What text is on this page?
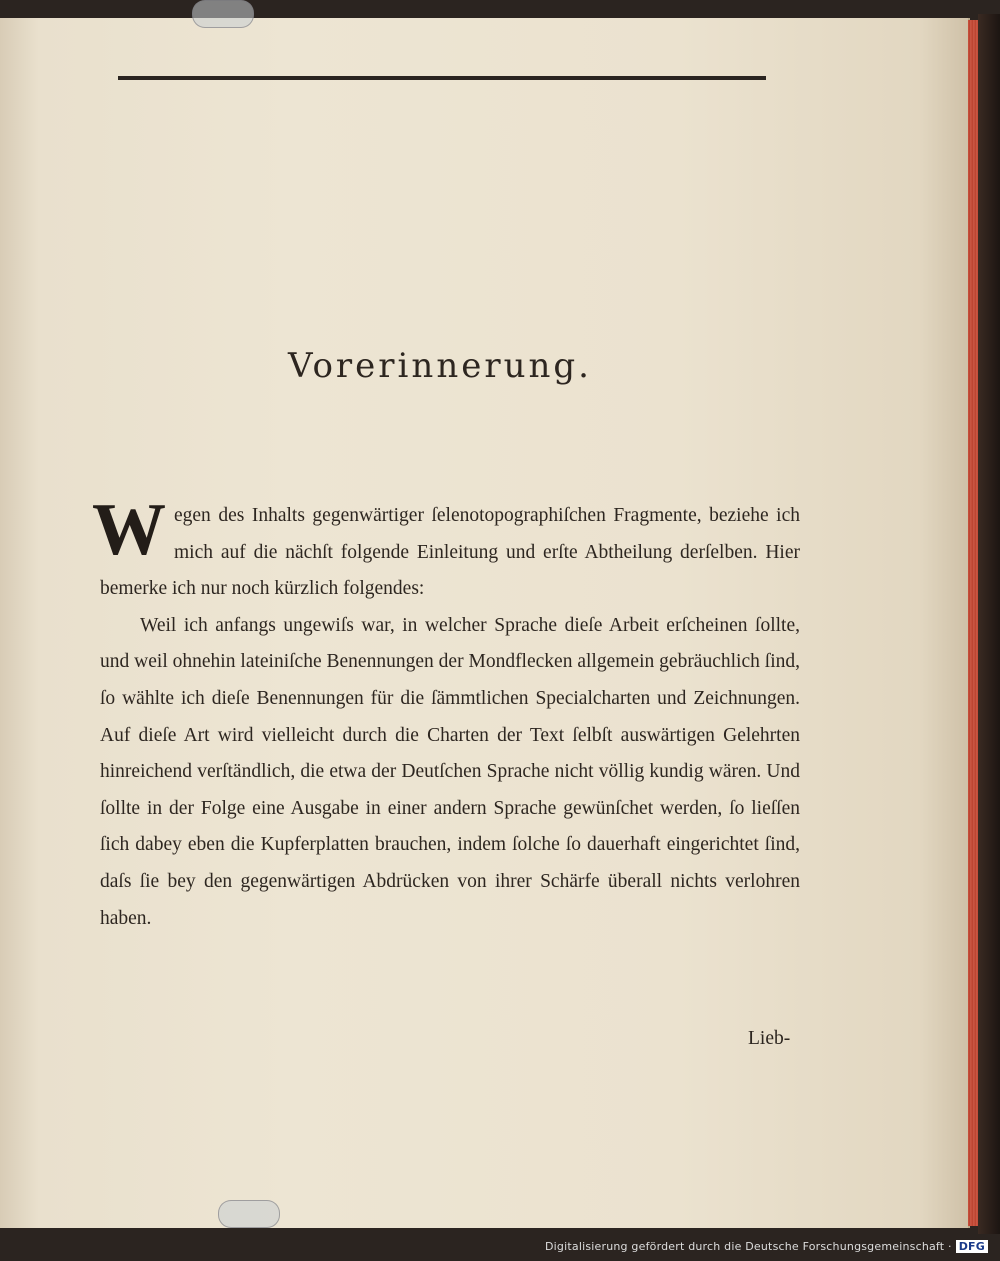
Vorerinnerung.

Wegen des Inhalts gegenwärtiger ſelenotopographiſchen Fragmente, beziehe ich mich auf die nächſt folgende Einleitung und erſte Abtheilung derſelben. Hier bemerke ich nur noch kürzlich folgendes:

Weil ich anfangs ungewiſs war, in welcher Sprache dieſe Arbeit erſcheinen ſollte, und weil ohnehin lateiniſche Benennungen der Mondflecken allgemein gebräuchlich ſind, ſo wählte ich dieſe Benennungen für die ſämmtlichen Specialcharten und Zeichnungen. Auf dieſe Art wird vielleicht durch die Charten der Text ſelbſt auswärtigen Gelehrten hinreichend verſtändlich, die etwa der Deutſchen Sprache nicht völlig kundig wären. Und ſollte in der Folge eine Ausgabe in einer andern Sprache gewünſchet werden, ſo lieſſen ſich dabey eben die Kupferplatten brauchen, indem ſolche ſo dauerhaft eingerichtet ſind, daſs ſie bey den gegenwärtigen Abdrücken von ihrer Schärfe überall nichts verlohren haben.

Lieb-
Digitalisierung gefördert durch die Deutsche Forschungsgemeinschaft · DFG
